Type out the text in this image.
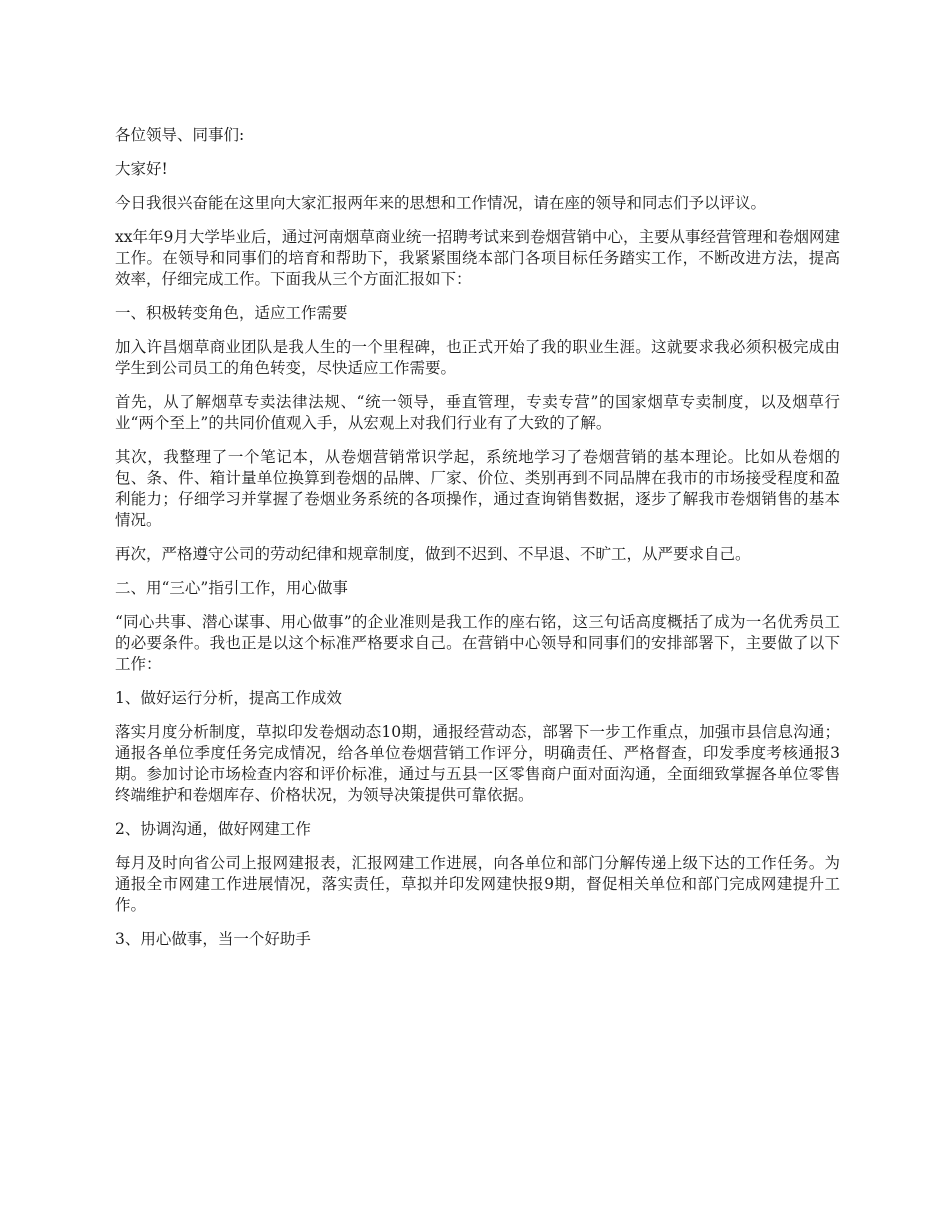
各位领导、同事们:

大家好!

今日我很兴奋能在这里向大家汇报两年来的思想和工作情况，请在座的领导和同志们予以评议。

xx年年9月大学毕业后，通过河南烟草商业统一招聘考试来到卷烟营销中心，主要从事经营管理和卷烟网建工作。在领导和同事们的培育和帮助下，我紧紧围绕本部门各项目标任务踏实工作，不断改进方法，提高效率，仔细完成工作。下面我从三个方面汇报如下：

一、积极转变角色，适应工作需要

加入许昌烟草商业团队是我人生的一个里程碑，也正式开始了我的职业生涯。这就要求我必须积极完成由学生到公司员工的角色转变，尽快适应工作需要。

首先，从了解烟草专卖法律法规、“统一领导，垂直管理，专卖专营”的国家烟草专卖制度，以及烟草行业“两个至上”的共同价值观入手，从宏观上对我们行业有了大致的了解。

其次，我整理了一个笔记本，从卷烟营销常识学起，系统地学习了卷烟营销的基本理论。比如从卷烟的包、条、件、箱计量单位换算到卷烟的品牌、厂家、价位、类别再到不同品牌在我市的市场接受程度和盈利能力；仔细学习并掌握了卷烟业务系统的各项操作，通过查询销售数据，逐步了解我市卷烟销售的基本情况。

再次，严格遵守公司的劳动纪律和规章制度，做到不迟到、不早退、不旷工，从严要求自己。

二、用“三心”指引工作，用心做事

“同心共事、潜心谋事、用心做事”的企业准则是我工作的座右铭，这三句话高度概括了成为一名优秀员工的必要条件。我也正是以这个标准严格要求自己。在营销中心领导和同事们的安排部署下，主要做了以下工作：

1、做好运行分析，提高工作成效

落实月度分析制度，草拟印发卷烟动态10期，通报经营动态，部署下一步工作重点，加强市县信息沟通；通报各单位季度任务完成情况，给各单位卷烟营销工作评分，明确责任、严格督查，印发季度考核通报3期。参加讨论市场检查内容和评价标准，通过与五县一区零售商户面对面沟通，全面细致掌握各单位零售终端维护和卷烟库存、价格状况，为领导决策提供可靠依据。

2、协调沟通，做好网建工作

每月及时向省公司上报网建报表，汇报网建工作进展，向各单位和部门分解传递上级下达的工作任务。为通报全市网建工作进展情况，落实责任，草拟并印发网建快报9期，督促相关单位和部门完成网建提升工作。

3、用心做事，当一个好助手
